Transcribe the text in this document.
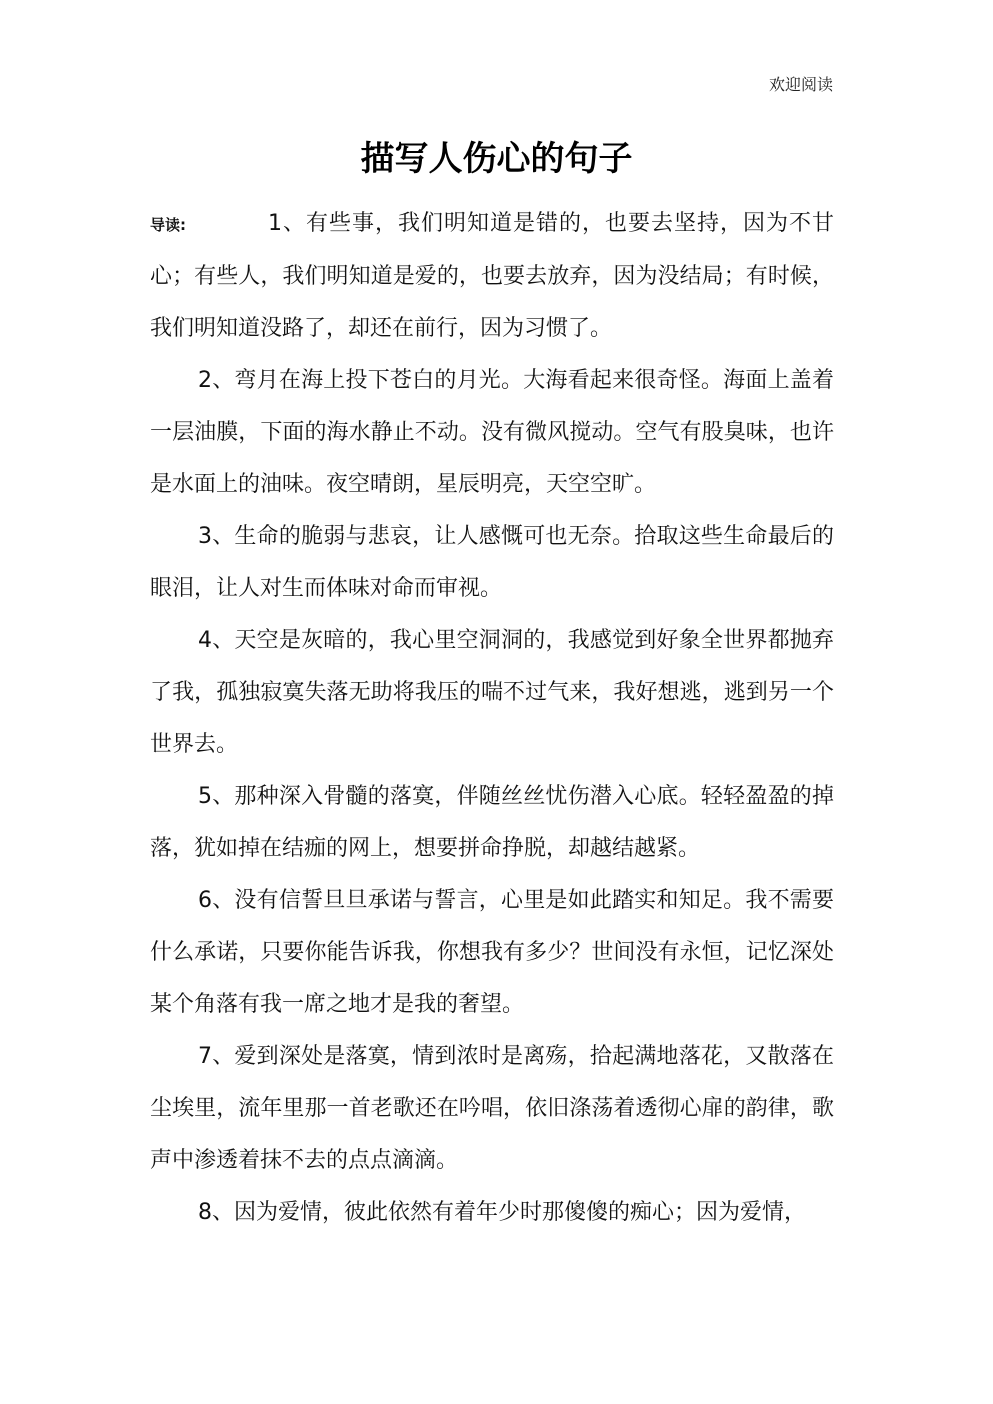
欢迎阅读
描写人伤心的句子

导读:	1、有些事，我们明知道是错的，也要去坚持，因为不甘心；有些人，我们明知道是爱的，也要去放弃，因为没结局；有时候，我们明知道没路了，却还在前行，因为习惯了。

2、弯月在海上投下苍白的月光。大海看起来很奇怪。海面上盖着一层油膜，下面的海水静止不动。没有微风搅动。空气有股臭味，也许是水面上的油味。夜空晴朗，星辰明亮，天空空旷。

3、生命的脆弱与悲哀，让人感慨可也无奈。拾取这些生命最后的眼泪，让人对生而体味对命而审视。

4、天空是灰暗的，我心里空洞洞的，我感觉到好象全世界都抛弃了我，孤独寂寞失落无助将我压的喘不过气来，我好想逃，逃到另一个世界去。

5、那种深入骨髓的落寞，伴随丝丝忧伤潜入心底。轻轻盈盈的掉落，犹如掉在结痂的网上，想要拼命挣脱，却越结越紧。

6、没有信誓旦旦承诺与誓言，心里是如此踏实和知足。我不需要什么承诺，只要你能告诉我，你想我有多少？世间没有永恒，记忆深处某个角落有我一席之地才是我的奢望。

7、爱到深处是落寞，情到浓时是离殇，拾起满地落花，又散落在尘埃里，流年里那一首老歌还在吟唱，依旧涤荡着透彻心扉的韵律，歌声中渗透着抹不去的点点滴滴。

8、因为爱情，彼此依然有着年少时那傻傻的痴心；因为爱情，
